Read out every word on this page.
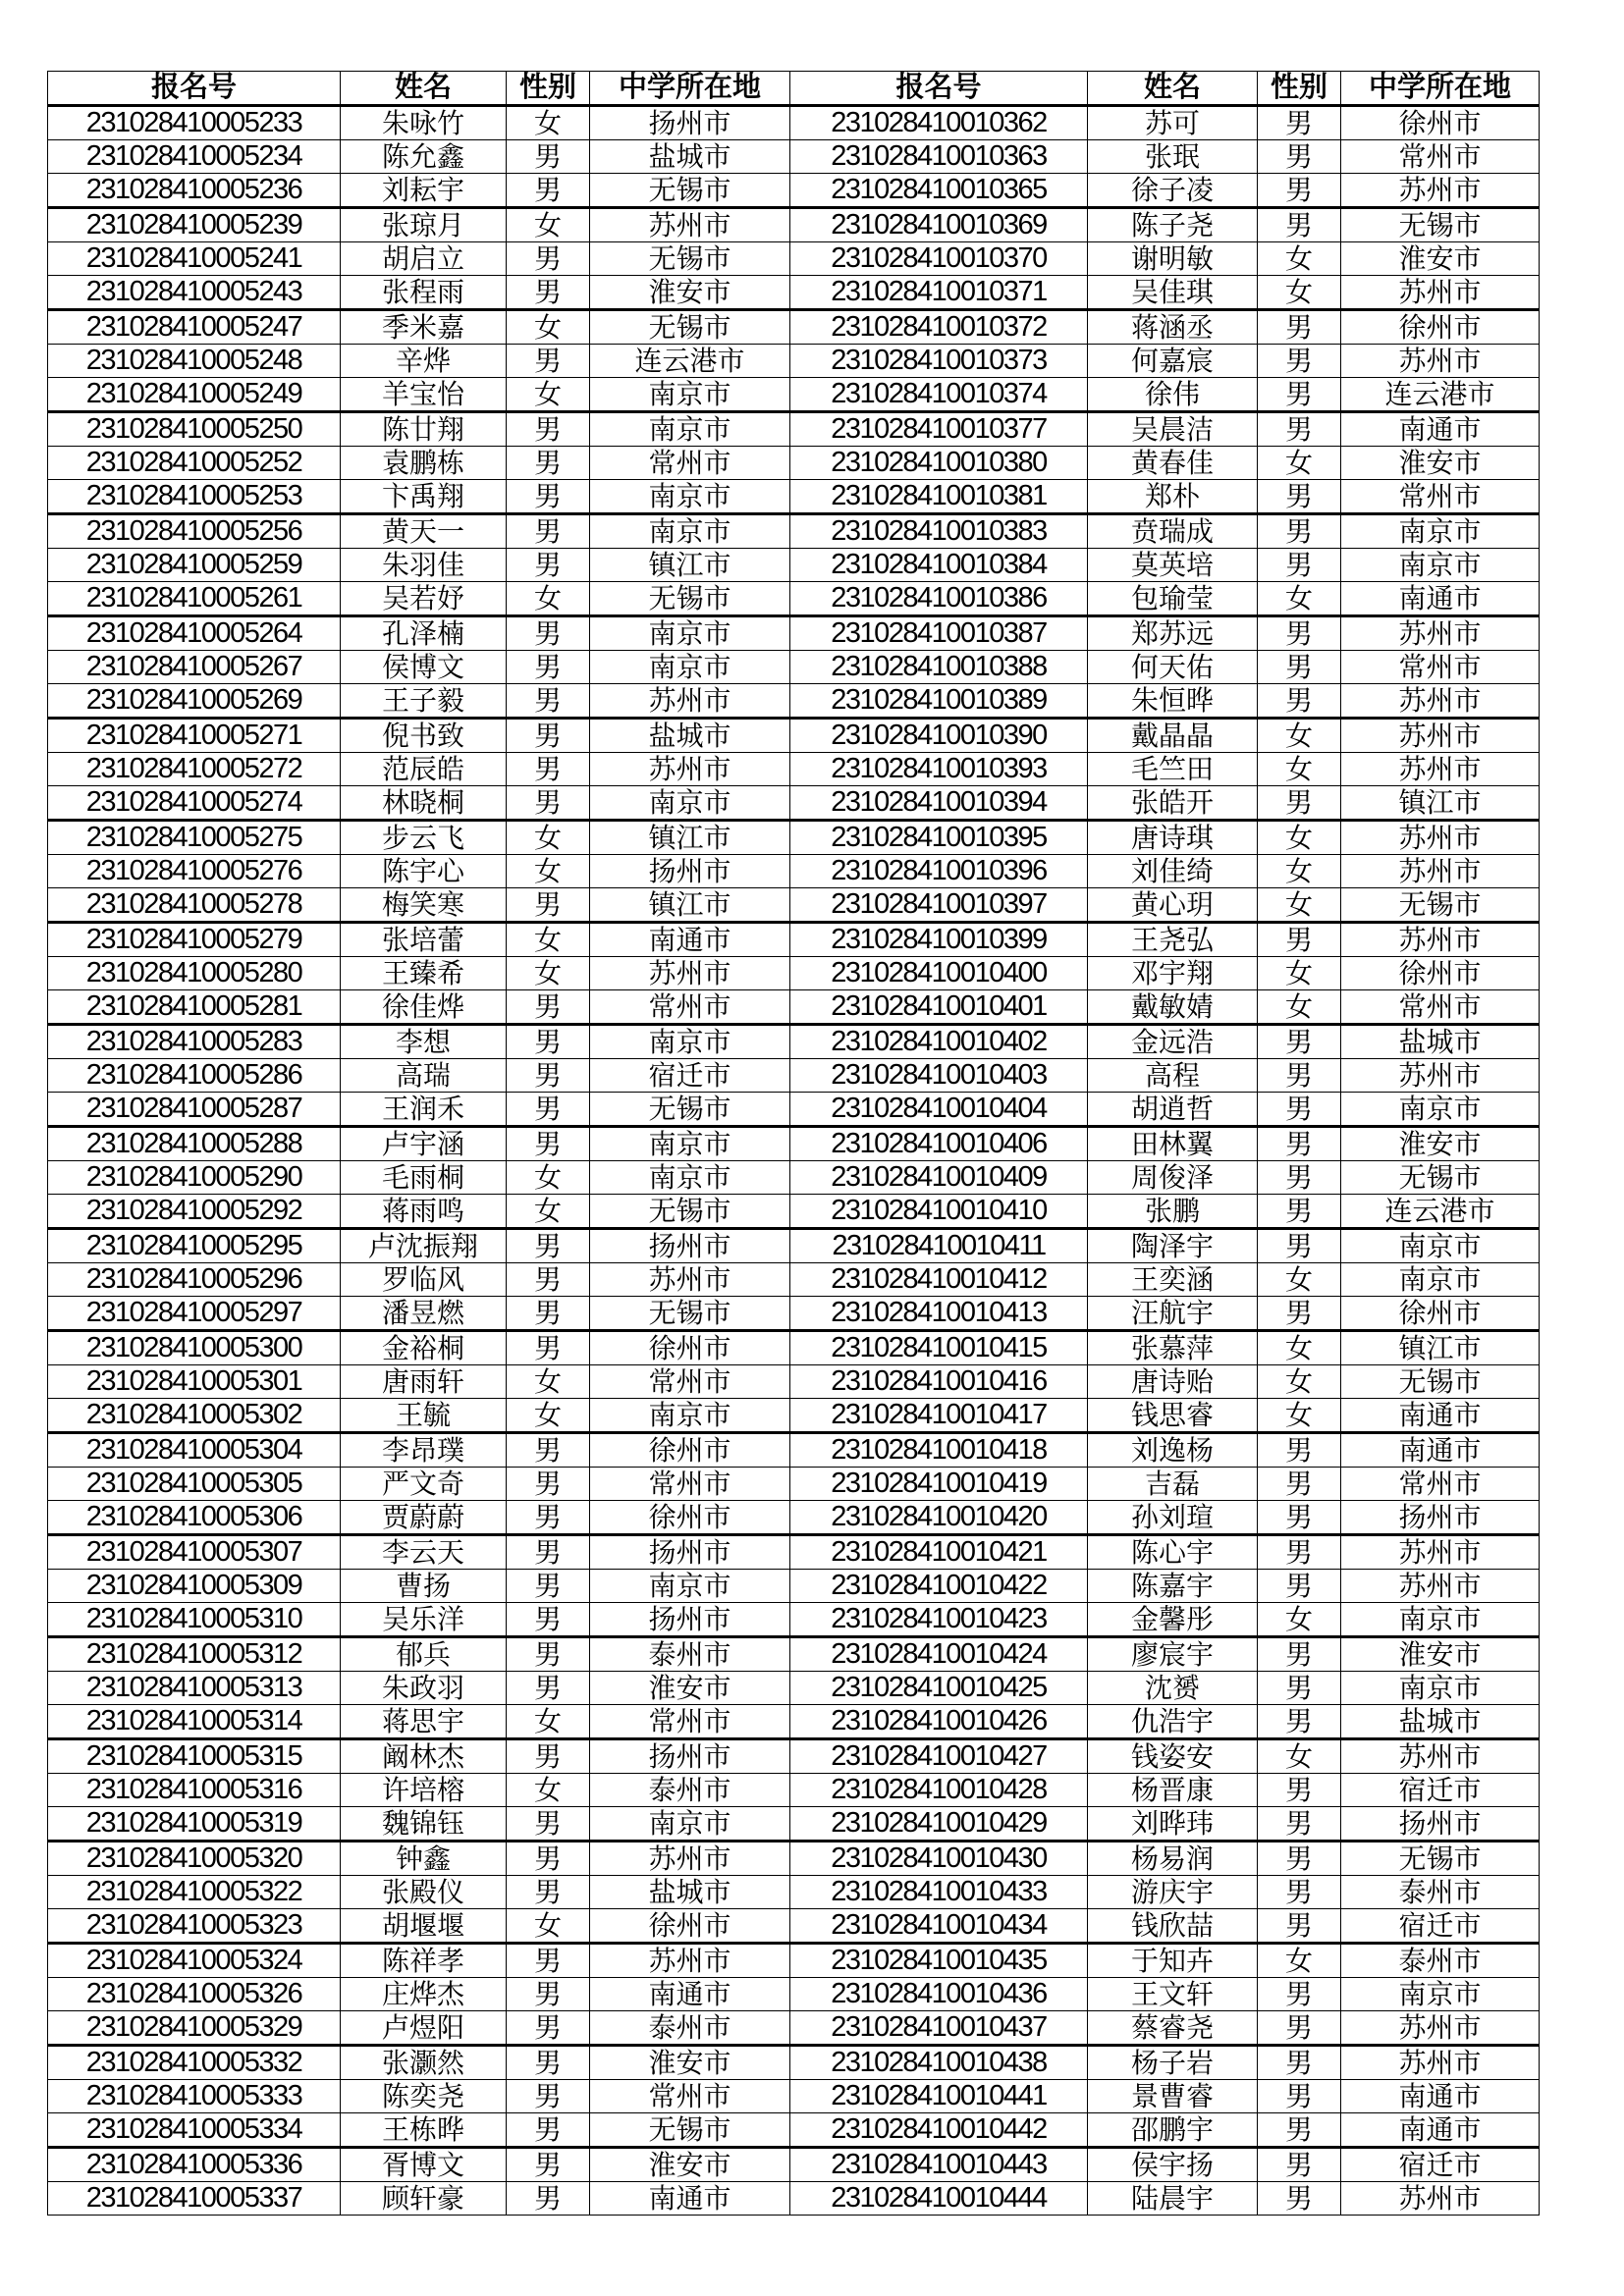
报名号	姓名	性别	中学所在地	报名号	姓名	性别	中学所在地
231028410005233	朱咏竹	女	扬州市	231028410010362	苏可	男	徐州市
231028410005234	陈允鑫	男	盐城市	231028410010363	张珉	男	常州市
231028410005236	刘耘宇	男	无锡市	231028410010365	徐子凌	男	苏州市
231028410005239	张琼月	女	苏州市	231028410010369	陈子尧	男	无锡市
231028410005241	胡启立	男	无锡市	231028410010370	谢明敏	女	淮安市
231028410005243	张程雨	男	淮安市	231028410010371	吴佳琪	女	苏州市
231028410005247	季米嘉	女	无锡市	231028410010372	蒋涵丞	男	徐州市
231028410005248	辛烨	男	连云港市	231028410010373	何嘉宸	男	苏州市
231028410005249	羊宝怡	女	南京市	231028410010374	徐伟	男	连云港市
231028410005250	陈廿翔	男	南京市	231028410010377	吴晨洁	男	南通市
231028410005252	袁鹏栋	男	常州市	231028410010380	黄春佳	女	淮安市
231028410005253	卞禹翔	男	南京市	231028410010381	郑朴	男	常州市
231028410005256	黄天一	男	南京市	231028410010383	贲瑞成	男	南京市
231028410005259	朱羽佳	男	镇江市	231028410010384	莫英培	男	南京市
231028410005261	吴若妤	女	无锡市	231028410010386	包瑜莹	女	南通市
231028410005264	孔泽楠	男	南京市	231028410010387	郑苏远	男	苏州市
231028410005267	侯博文	男	南京市	231028410010388	何天佑	男	常州市
231028410005269	王子毅	男	苏州市	231028410010389	朱恒晔	男	苏州市
231028410005271	倪书致	男	盐城市	231028410010390	戴晶晶	女	苏州市
231028410005272	范辰皓	男	苏州市	231028410010393	毛竺田	女	苏州市
231028410005274	林晓桐	男	南京市	231028410010394	张皓开	男	镇江市
231028410005275	步云飞	女	镇江市	231028410010395	唐诗琪	女	苏州市
231028410005276	陈宇心	女	扬州市	231028410010396	刘佳绮	女	苏州市
231028410005278	梅笑寒	男	镇江市	231028410010397	黄心玥	女	无锡市
231028410005279	张培蕾	女	南通市	231028410010399	王尧弘	男	苏州市
231028410005280	王臻希	女	苏州市	231028410010400	邓宇翔	女	徐州市
231028410005281	徐佳烨	男	常州市	231028410010401	戴敏婧	女	常州市
231028410005283	李想	男	南京市	231028410010402	金远浩	男	盐城市
231028410005286	高瑞	男	宿迁市	231028410010403	高程	男	苏州市
231028410005287	王润禾	男	无锡市	231028410010404	胡逍哲	男	南京市
231028410005288	卢宇涵	男	南京市	231028410010406	田林翼	男	淮安市
231028410005290	毛雨桐	女	南京市	231028410010409	周俊泽	男	无锡市
231028410005292	蒋雨鸣	女	无锡市	231028410010410	张鹏	男	连云港市
231028410005295	卢沈振翔	男	扬州市	231028410010411	陶泽宇	男	南京市
231028410005296	罗临风	男	苏州市	231028410010412	王奕涵	女	南京市
231028410005297	潘昱燃	男	无锡市	231028410010413	汪航宇	男	徐州市
231028410005300	金裕桐	男	徐州市	231028410010415	张慕萍	女	镇江市
231028410005301	唐雨轩	女	常州市	231028410010416	唐诗贻	女	无锡市
231028410005302	王毓	女	南京市	231028410010417	钱思睿	女	南通市
231028410005304	李昂璞	男	徐州市	231028410010418	刘逸杨	男	南通市
231028410005305	严文奇	男	常州市	231028410010419	吉磊	男	常州市
231028410005306	贾蔚蔚	男	徐州市	231028410010420	孙刘瑄	男	扬州市
231028410005307	李云天	男	扬州市	231028410010421	陈心宇	男	苏州市
231028410005309	曹扬	男	南京市	231028410010422	陈嘉宇	男	苏州市
231028410005310	吴乐洋	男	扬州市	231028410010423	金馨彤	女	南京市
231028410005312	郁兵	男	泰州市	231028410010424	廖宸宇	男	淮安市
231028410005313	朱政羽	男	淮安市	231028410010425	沈赟	男	南京市
231028410005314	蒋思宇	女	常州市	231028410010426	仇浩宇	男	盐城市
231028410005315	阚林杰	男	扬州市	231028410010427	钱姿安	女	苏州市
231028410005316	许培榕	女	泰州市	231028410010428	杨晋康	男	宿迁市
231028410005319	魏锦钰	男	南京市	231028410010429	刘晔玮	男	扬州市
231028410005320	钟鑫	男	苏州市	231028410010430	杨易润	男	无锡市
231028410005322	张殿仪	男	盐城市	231028410010433	游庆宇	男	泰州市
231028410005323	胡堰堰	女	徐州市	231028410010434	钱欣喆	男	宿迁市
231028410005324	陈祥孝	男	苏州市	231028410010435	于知卉	女	泰州市
231028410005326	庄烨杰	男	南通市	231028410010436	王文轩	男	南京市
231028410005329	卢煜阳	男	泰州市	231028410010437	蔡睿尧	男	苏州市
231028410005332	张灏然	男	淮安市	231028410010438	杨子岩	男	苏州市
231028410005333	陈奕尧	男	常州市	231028410010441	景曹睿	男	南通市
231028410005334	王栋晔	男	无锡市	231028410010442	邵鹏宇	男	南通市
231028410005336	胥博文	男	淮安市	231028410010443	侯宇扬	男	宿迁市
231028410005337	顾轩豪	男	南通市	231028410010444	陆晨宇	男	苏州市
